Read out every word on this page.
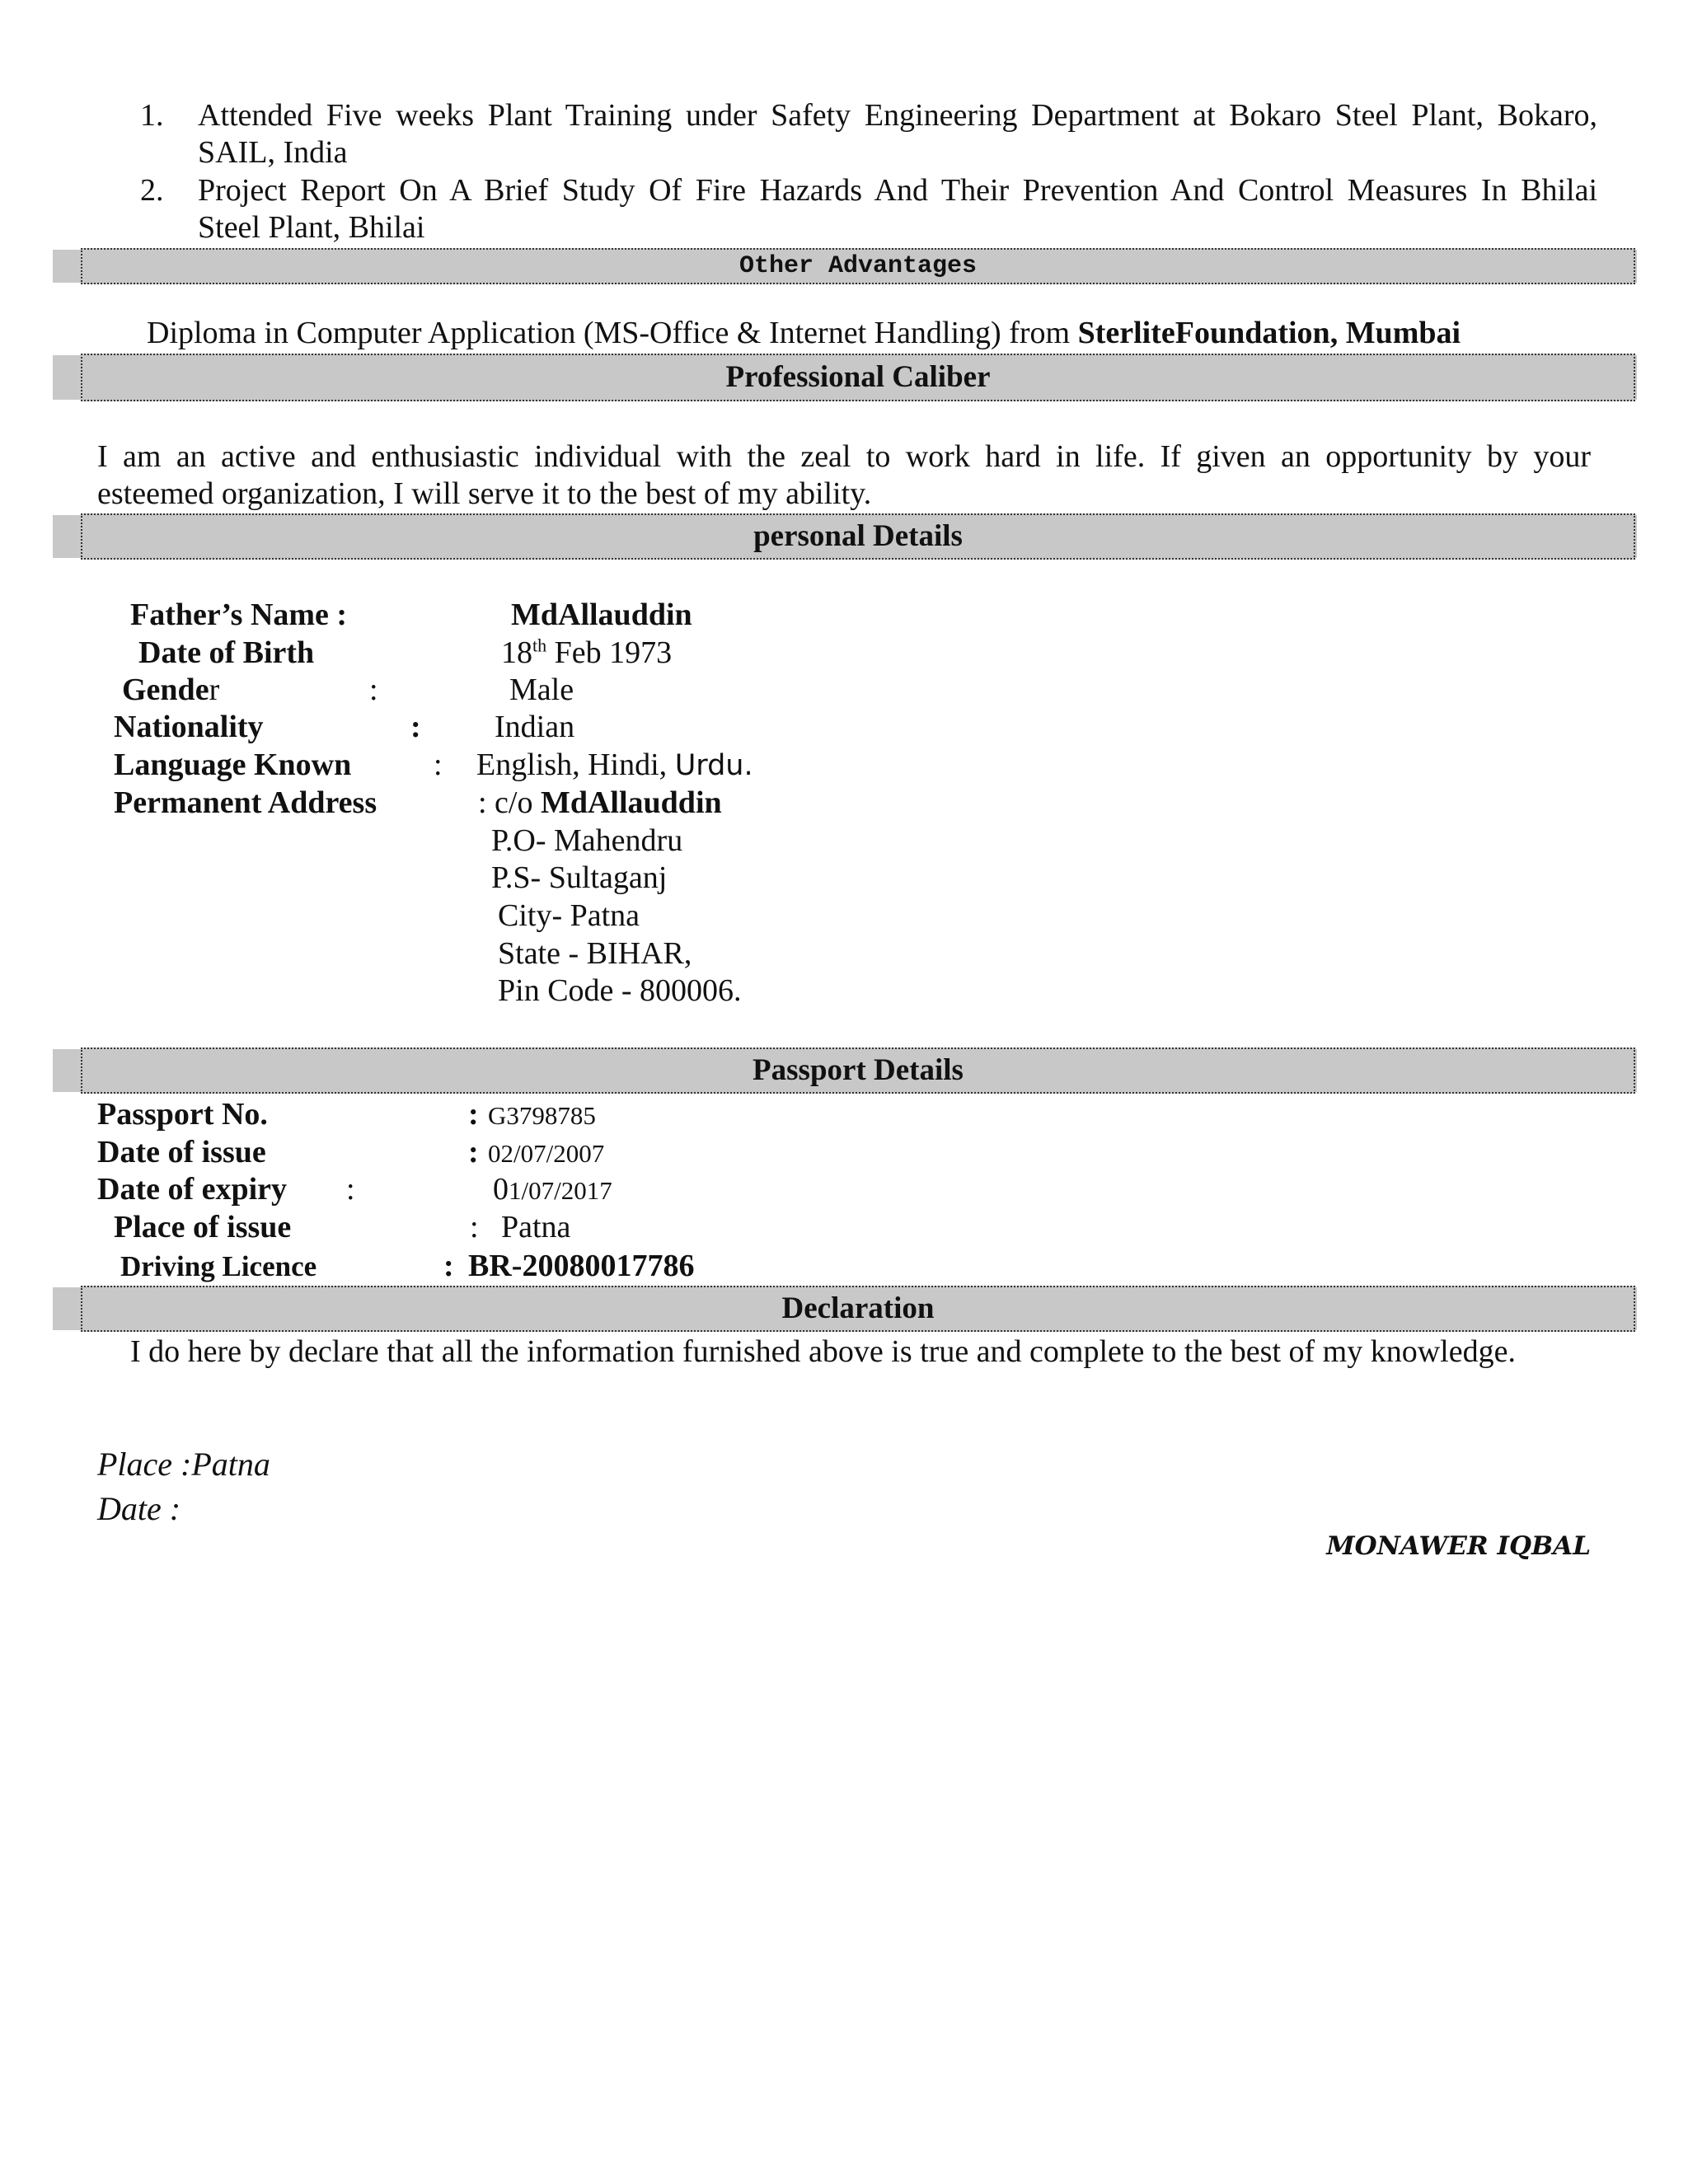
1.	Attended Five weeks Plant Training under Safety Engineering Department at Bokaro Steel Plant, Bokaro,
SAIL, India
2.	Project Report On A Brief Study Of Fire Hazards And Their Prevention And Control Measures In Bhilai
Steel Plant, Bhilai
Other Advantages
Diploma in Computer Application (MS-Office & Internet Handling) from SterliteFoundation, Mumbai
Professional Caliber
I am an active and enthusiastic individual with the zeal to work hard in life. If given an opportunity by your
esteemed organization, I will serve it to the best of my ability.
personal Details
Father’s Name :	MdAllauddin
Date of Birth	18th Feb 1973
Gender	:	Male
Nationality	: Indian
Language Known	: English, Hindi, Urdu.
Permanent Address	: c/o MdAllauddin
P.O- Mahendru
P.S- Sultaganj
City- Patna
State - BIHAR,
Pin Code - 800006.
Passport Details
Passport No.	: G3798785
Date of issue	: 02/07/2007
Date of expiry :	01/07/2017
Place of issue	: Patna
Driving Licence	: BR-20080017786
Declaration
I do here by declare that all the information furnished above is true and complete to the best of my knowledge.
Place :Patna
Date :
MONAWER IQBAL
